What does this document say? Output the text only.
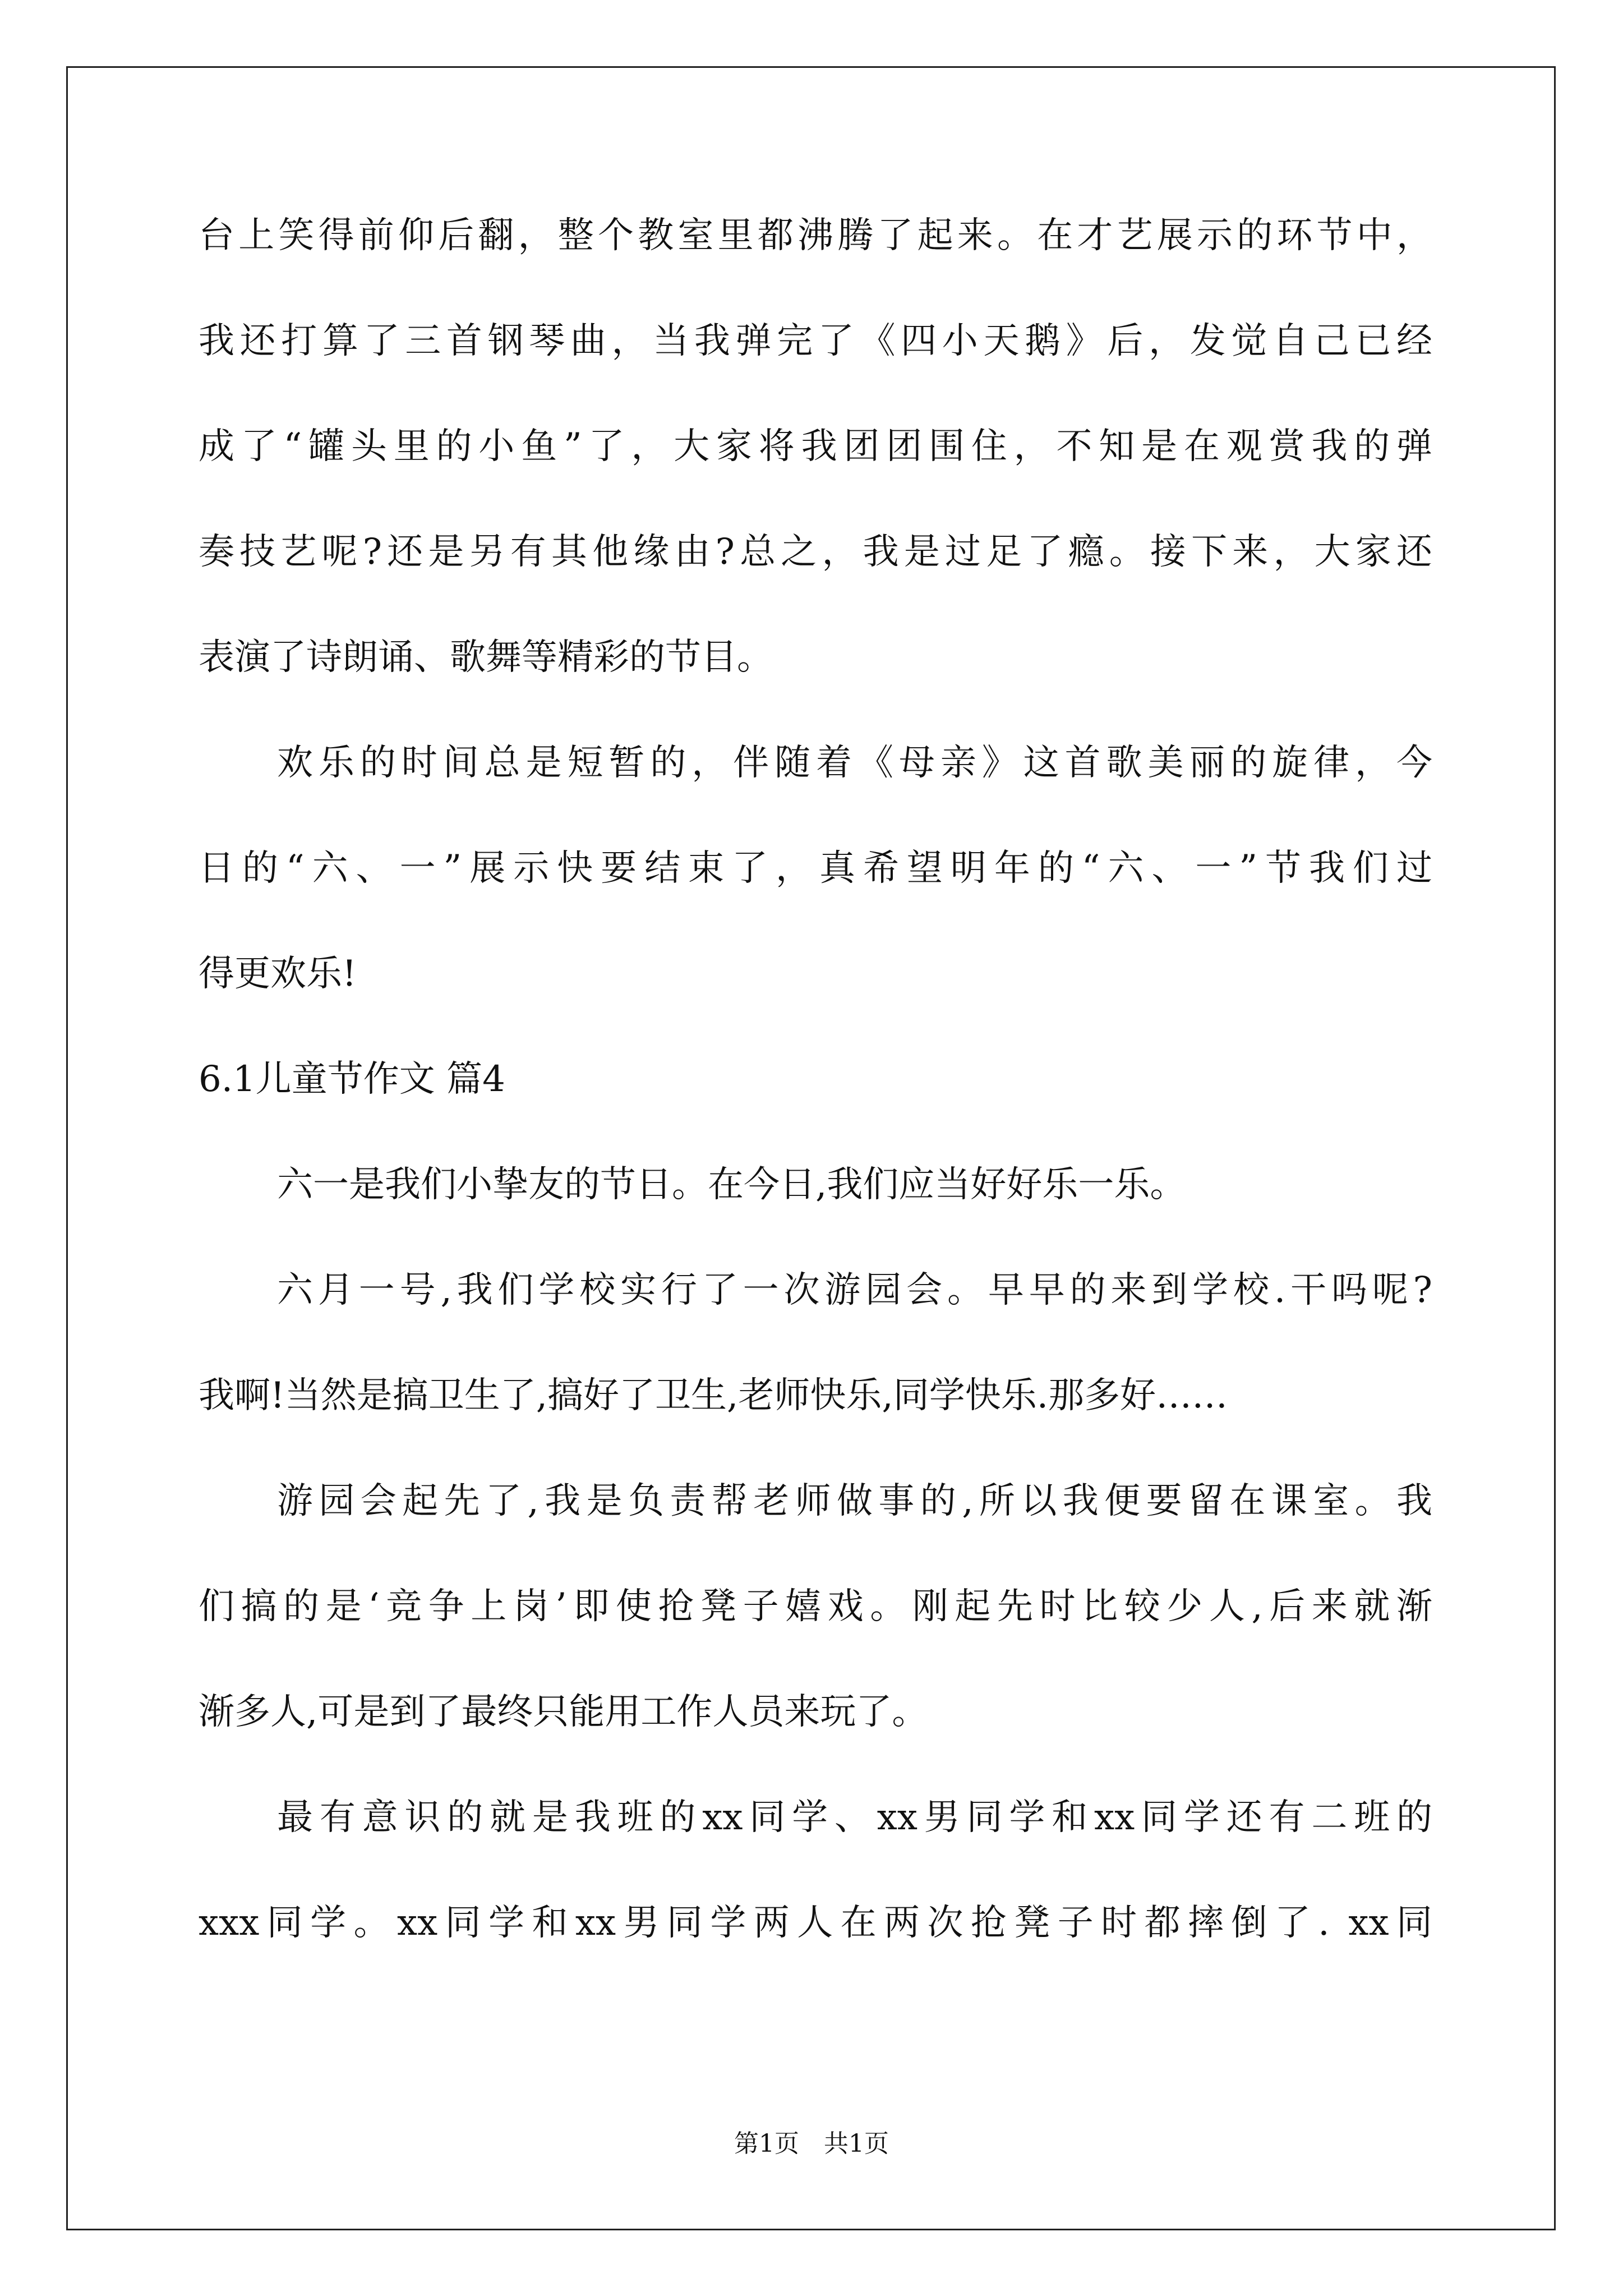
台上笑得前仰后翻，整个教室里都沸腾了起来。在才艺展示的环节中，
我还打算了三首钢琴曲，当我弹完了《四小天鹅》后，发觉自己已经
成了“罐头里的小鱼”了，大家将我团团围住，不知是在观赏我的弹
奏技艺呢?还是另有其他缘由?总之，我是过足了瘾。接下来，大家还
表演了诗朗诵、歌舞等精彩的节目。
欢乐的时间总是短暂的，伴随着《母亲》这首歌美丽的旋律，今
日的“六、一”展示快要结束了，真希望明年的“六、一”节我们过
得更欢乐!
6.1儿童节作文 篇4
六一是我们小挚友的节日。在今日,我们应当好好乐一乐。
六月一号,我们学校实行了一次游园会。早早的来到学校.干吗呢?
我啊!当然是搞卫生了,搞好了卫生,老师快乐,同学快乐.那多好……
游园会起先了,我是负责帮老师做事的,所以我便要留在课室。我
们搞的是‘竞争上岗’即使抢凳子嬉戏。刚起先时比较少人,后来就渐
渐多人,可是到了最终只能用工作人员来玩了。
最有意识的就是我班的xx同学、xx男同学和xx同学还有二班的
xxx同学。xx同学和xx男同学两人在两次抢凳子时都摔倒了. xx同
第1页　共1页
